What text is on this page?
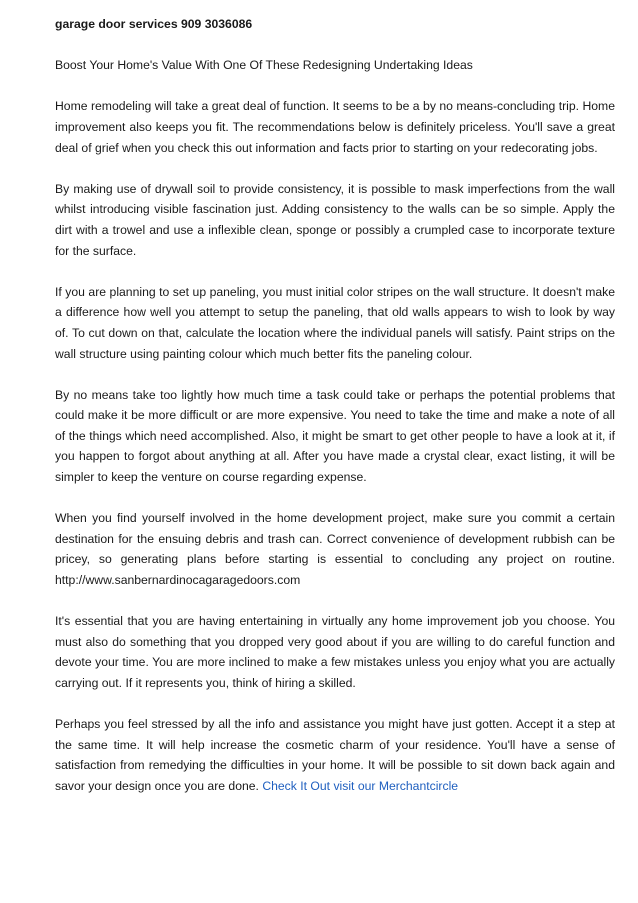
garage door services 909 3036086
Boost Your Home's Value With One Of These Redesigning Undertaking Ideas

Home remodeling will take a great deal of function. It seems to be a by no means-concluding trip. Home improvement also keeps you fit. The recommendations below is definitely priceless. You'll save a great deal of grief when you check this out information and facts prior to starting on your redecorating jobs.

By making use of drywall soil to provide consistency, it is possible to mask imperfections from the wall whilst introducing visible fascination just. Adding consistency to the walls can be so simple. Apply the dirt with a trowel and use a inflexible clean, sponge or possibly a crumpled case to incorporate texture for the surface.

If you are planning to set up paneling, you must initial color stripes on the wall structure. It doesn't make a difference how well you attempt to setup the paneling, that old walls appears to wish to look by way of. To cut down on that, calculate the location where the individual panels will satisfy. Paint strips on the wall structure using painting colour which much better fits the paneling colour.

By no means take too lightly how much time a task could take or perhaps the potential problems that could make it be more difficult or are more expensive. You need to take the time and make a note of all of the things which need accomplished. Also, it might be smart to get other people to have a look at it, if you happen to forgot about anything at all. After you have made a crystal clear, exact listing, it will be simpler to keep the venture on course regarding expense.

When you find yourself involved in the home development project, make sure you commit a certain destination for the ensuing debris and trash can. Correct convenience of development rubbish can be pricey, so generating plans before starting is essential to concluding any project on routine. http://www.sanbernardinocagaragedoors.com

It's essential that you are having entertaining in virtually any home improvement job you choose. You must also do something that you dropped very good about if you are willing to do careful function and devote your time. You are more inclined to make a few mistakes unless you enjoy what you are actually carrying out. If it represents you, think of hiring a skilled.

Perhaps you feel stressed by all the info and assistance you might have just gotten. Accept it a step at the same time. It will help increase the cosmetic charm of your residence. You'll have a sense of satisfaction from remedying the difficulties in your home. It will be possible to sit down back again and savor your design once you are done. Check It Out visit our Merchantcircle
